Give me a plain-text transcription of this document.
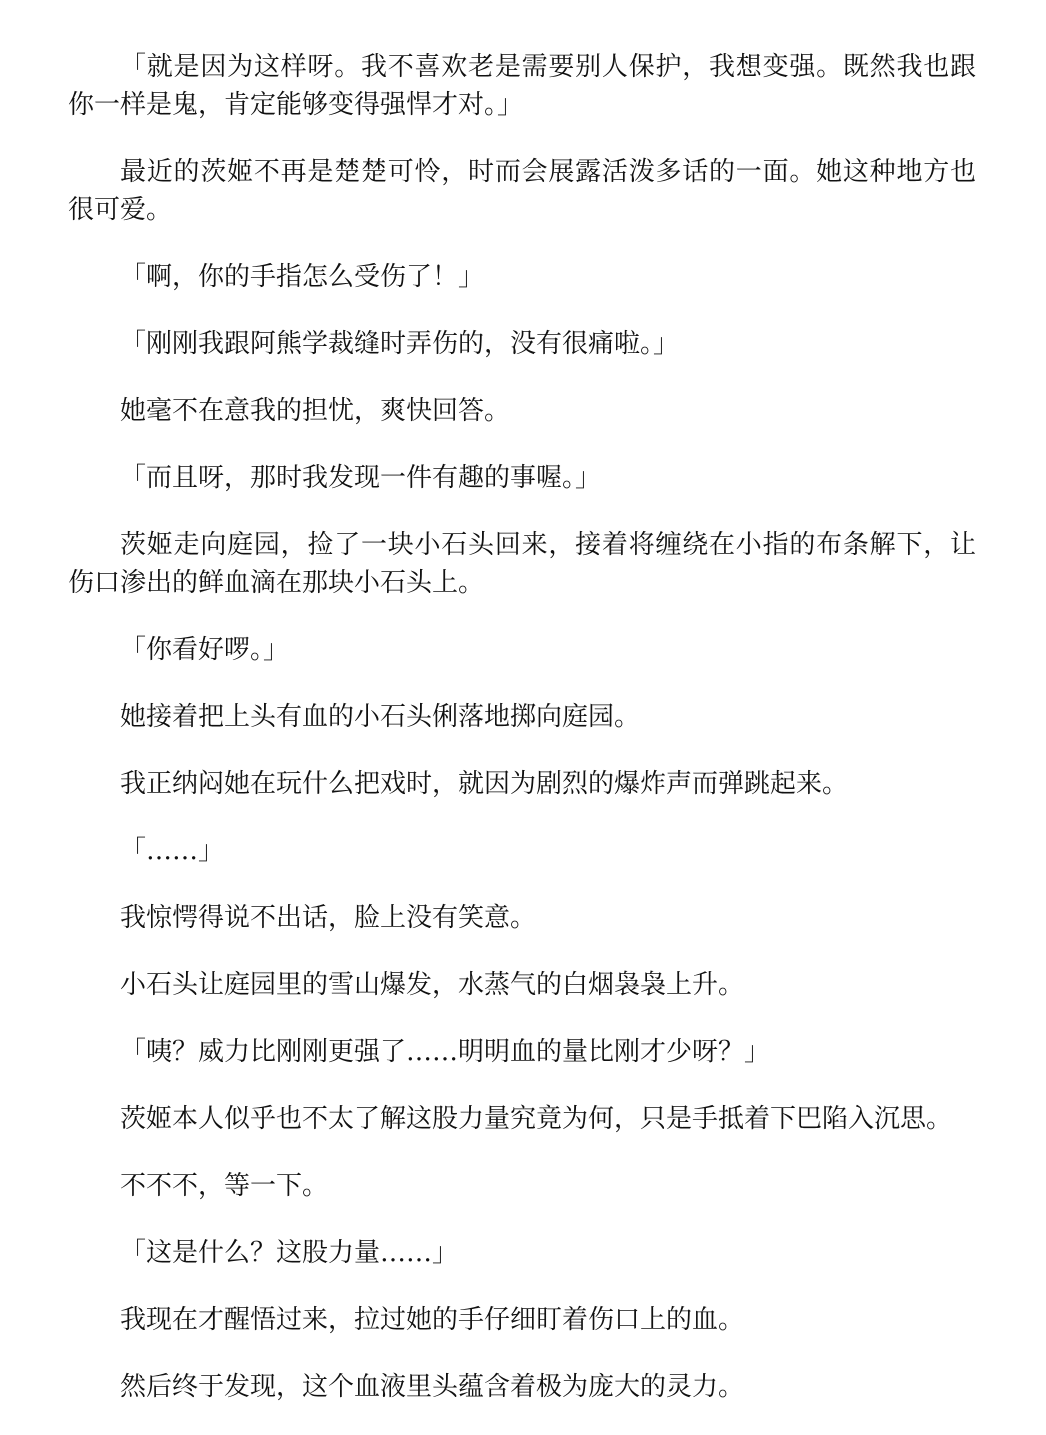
「就是因为这样呀。我不喜欢老是需要别人保护，我想变强。既然我也跟你一样是鬼，肯定能够变得强悍才对。」

最近的茨姬不再是楚楚可怜，时而会展露活泼多话的一面。她这种地方也很可爱。

「啊，你的手指怎么受伤了！」

「刚刚我跟阿熊学裁缝时弄伤的，没有很痛啦。」

她毫不在意我的担忧，爽快回答。

「而且呀，那时我发现一件有趣的事喔。」

茨姬走向庭园，捡了一块小石头回来，接着将缠绕在小指的布条解下，让伤口渗出的鲜血滴在那块小石头上。

「你看好啰。」

她接着把上头有血的小石头俐落地掷向庭园。

我正纳闷她在玩什么把戏时，就因为剧烈的爆炸声而弹跳起来。

「……」

我惊愕得说不出话，脸上没有笑意。

小石头让庭园里的雪山爆发，水蒸气的白烟袅袅上升。

「咦？威力比刚刚更强了……明明血的量比刚才少呀？」

茨姬本人似乎也不太了解这股力量究竟为何，只是手抵着下巴陷入沉思。

不不不，等一下。

「这是什么？这股力量……」

我现在才醒悟过来，拉过她的手仔细盯着伤口上的血。

然后终于发现，这个血液里头蕴含着极为庞大的灵力。
